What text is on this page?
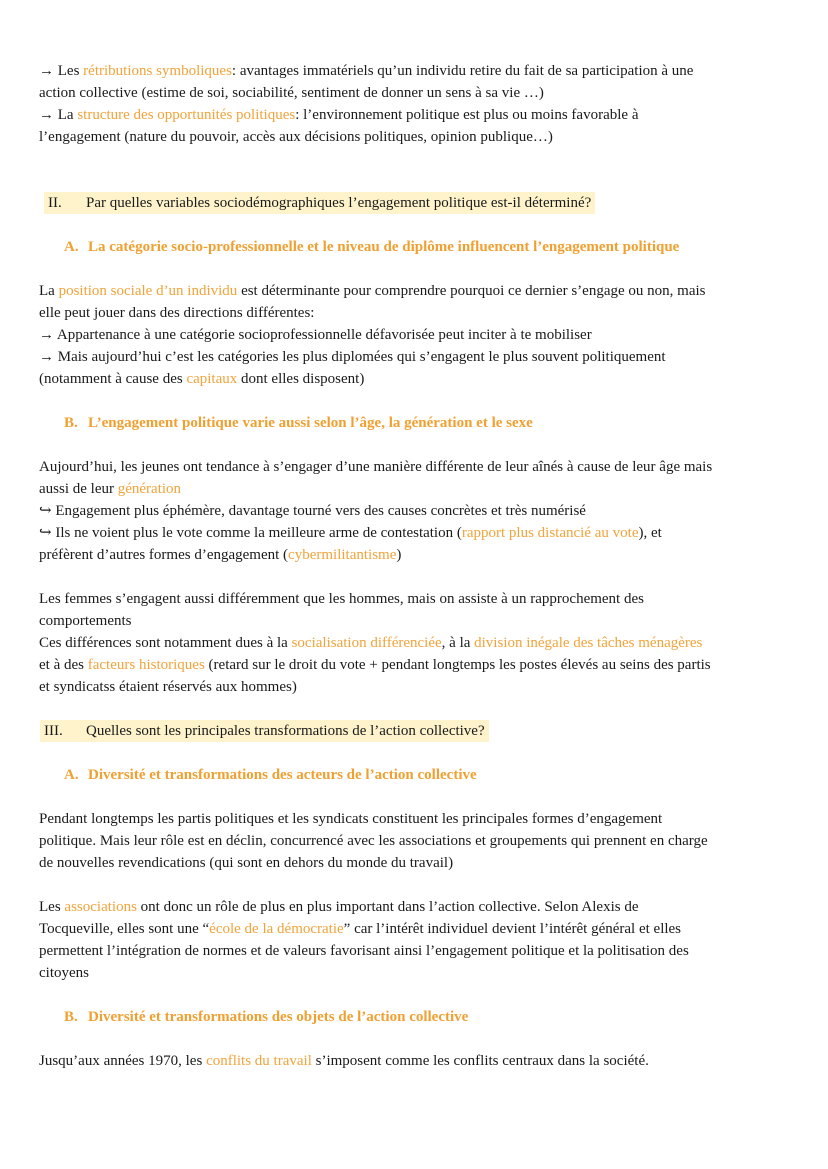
→ Les rétributions symboliques: avantages immatériels qu’un individu retire du fait de sa participation à une
action collective (estime de soi, sociabilité, sentiment de donner un sens à sa vie …)
→ La structure des opportunités politiques: l’environnement politique est plus ou moins favorable à
l’engagement (nature du pouvoir, accès aux décisions politiques, opinion publique…)
II. Par quelles variables sociodémographiques l’engagement politique est-il déterminé?
A. La catégorie socio-professionnelle et le niveau de diplôme influencent l’engagement politique
La position sociale d’un individu est déterminante pour comprendre pourquoi ce dernier s’engage ou non, mais
elle peut jouer dans des directions différentes:
→ Appartenance à une catégorie socioprofessionnelle défavorisée peut inciter à te mobiliser
→ Mais aujourd’hui c’est les catégories les plus diplomées qui s’engagent le plus souvent politiquement
(notamment à cause des capitaux dont elles disposent)
B. L’engagement politique varie aussi selon l’âge, la génération et le sexe
Aujourd’hui, les jeunes ont tendance à s’engager d’une manière différente de leur aînés à cause de leur âge mais
aussi de leur génération
↪ Engagement plus éphémère, davantage tourné vers des causes concrètes et très numérisé
↪ Ils ne voient plus le vote comme la meilleure arme de contestation (rapport plus distancié au vote), et
préfèrent d’autres formes d’engagement (cybermilitantisme)
Les femmes s’engagent aussi différemment que les hommes, mais on assiste à un rapprochement des
comportements
Ces différences sont notamment dues à la socialisation différenciée, à la division inégale des tâches ménagères
et à des facteurs historiques (retard sur le droit du vote + pendant longtemps les postes élevés au seins des partis
et syndicatss étaient réservés aux hommes)
III. Quelles sont les principales transformations de l’action collective?
A. Diversité et transformations des acteurs de l’action collective
Pendant longtemps les partis politiques et les syndicats constituent les principales formes d’engagement
politique. Mais leur rôle est en déclin, concurrencé avec les associations et groupements qui prennent en charge
de nouvelles revendications (qui sont en dehors du monde du travail)
Les associations ont donc un rôle de plus en plus important dans l’action collective. Selon Alexis de
Tocqueville, elles sont une “école de la démocratie” car l’intérêt individuel devient l’intérêt général et elles
permettent l’intégration de normes et de valeurs favorisant ainsi l’engagement politique et la politisation des
citoyens
B. Diversité et transformations des objets de l’action collective
Jusqu’aux années 1970, les conflits du travail s’imposent comme les conflits centraux dans la société.
